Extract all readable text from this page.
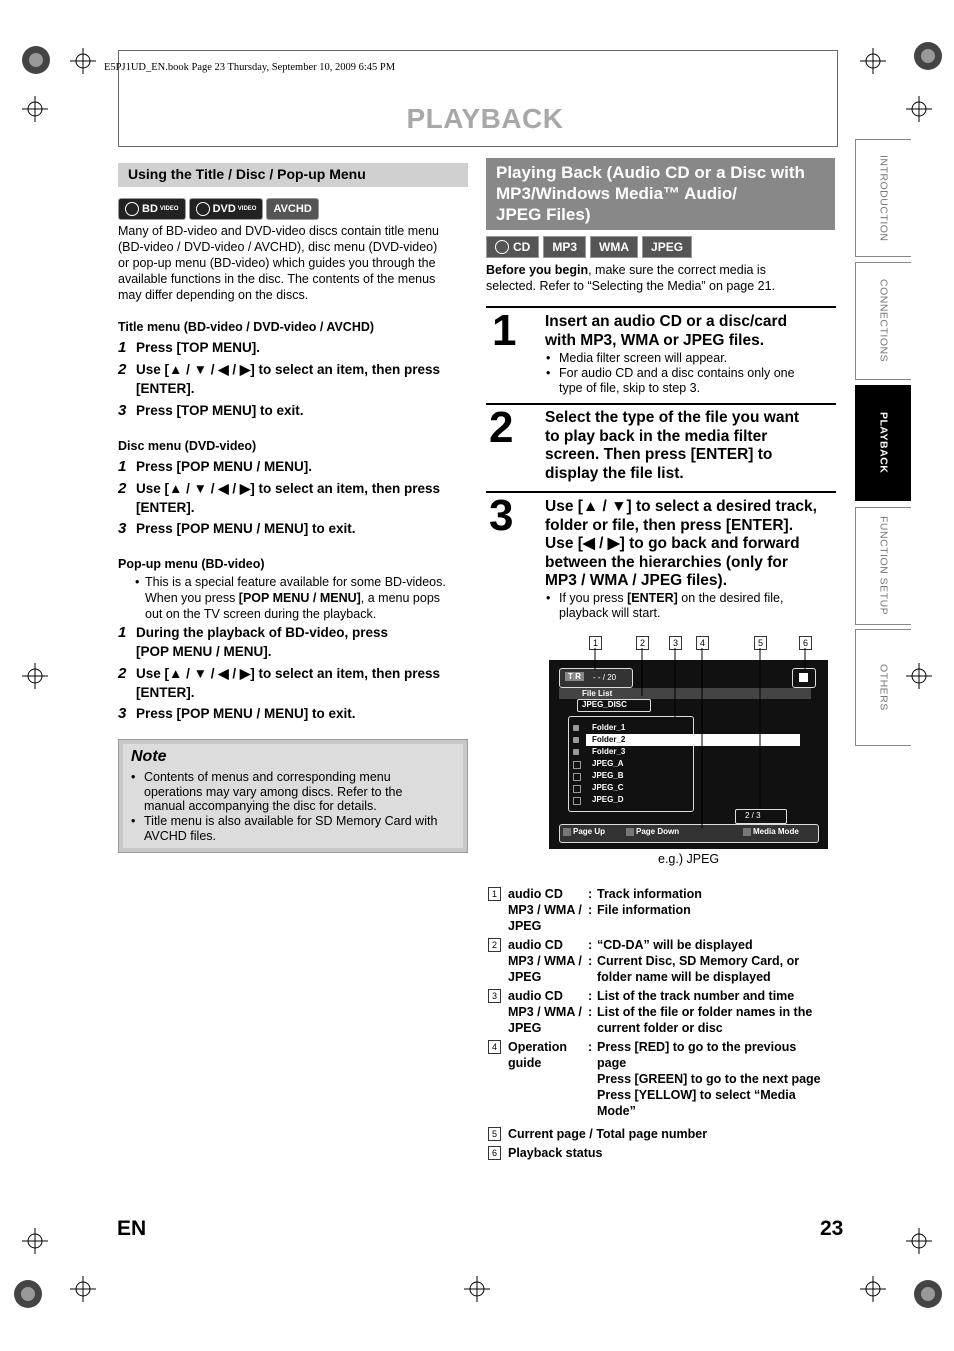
E5PJ1UD_EN.book Page 23 Thursday, September 10, 2009 6:45 PM
PLAYBACK
Using the Title / Disc / Pop-up Menu
BD VIDEO	DVD VIDEO AVCHD
Many of BD-video and DVD-video discs contain title menu
(BD-video / DVD-video / AVCHD), disc menu (DVD-video)
or pop-up menu (BD-video) which guides you through the
available functions in the disc. The contents of the menus
may differ depending on the discs.
Title menu (BD-video / DVD-video / AVCHD)
1 Press [TOP MENU].
2 Use [▲ / ▼ / ◀ / ▶] to select an item, then press
[ENTER].
3 Press [TOP MENU] to exit.
Disc menu (DVD-video)
1 Press [POP MENU / MENU].
2 Use [▲ / ▼ / ◀ / ▶] to select an item, then press
[ENTER].
3 Press [POP MENU / MENU] to exit.
Pop-up menu (BD-video)
• This is a special feature available for some BD-videos.
When you press [POP MENU / MENU], a menu pops
out on the TV screen during the playback.
1 During the playback of BD-video, press
[POP MENU / MENU].
2 Use [▲ / ▼ / ◀ / ▶] to select an item, then press
[ENTER].
3 Press [POP MENU / MENU] to exit.
Note
• Contents of menus and corresponding menu
operations may vary among discs. Refer to the
manual accompanying the disc for details.
• Title menu is also available for SD Memory Card with
AVCHD files.
Playing Back (Audio CD or a Disc with
MP3/Windows Media™ Audio/
JPEG Files)
CD	MP3	WMA	JPEG
Before you begin, make sure the correct media is
selected. Refer to “Selecting the Media” on page 21.
1 Insert an audio CD or a disc/card
with MP3, WMA or JPEG files.
• Media filter screen will appear.
• For audio CD and a disc contains only one
type of file, skip to step 3.
2 Select the type of the file you want
to play back in the media filter
screen. Then press [ENTER] to
display the file list.
3 Use [▲ / ▼] to select a desired track,
folder or file, then press [ENTER].
Use [◀ / ▶] to go back and forward
between the hierarchies (only for
MP3 / WMA / JPEG files).
• If you press [ENTER] on the desired file,
playback will start.
1	2	3	4	5	6
T R	- - / 20
File List
JPEG_DISC
Folder_1
Folder_2
Folder_3
JPEG_A
JPEG_B
JPEG_C
JPEG_D
2 / 3
Page Up	Page Down	Media Mode
e.g.) JPEG
1 audio CD : Track information
MP3 / WMA / : File information
JPEG
2 audio CD : “CD-DA” will be displayed
MP3 / WMA / : Current Disc, SD Memory Card, or
JPEG	folder name will be displayed
3 audio CD : List of the track number and time
MP3 / WMA / : List of the file or folder names in the
JPEG	current folder or disc
4 Operation : Press [RED] to go to the previous
guide	page
Press [GREEN] to go to the next page
Press [YELLOW] to select “Media
Mode”
5 Current page / Total page number
6 Playback status
INTRODUCTION
CONNECTIONS
PLAYBACK
FUNCTION SETUP
OTHERS
EN	23
